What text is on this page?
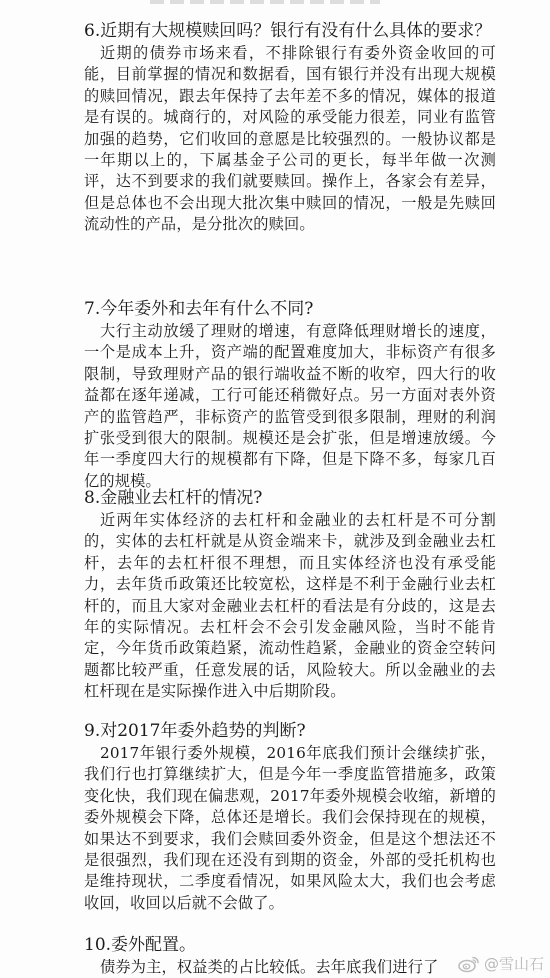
6.近期有大规模赎回吗？银行有没有什么具体的要求？

近期的债券市场来看，不排除银行有委外资金收回的可能，目前掌握的情况和数据看，国有银行并没有出现大规模的赎回情况，跟去年保持了去年差不多的情况，媒体的报道是有误的。城商行的，对风险的承受能力很差，同业有监管加强的趋势，它们收回的意愿是比较强烈的。一般协议都是一年期以上的，下属基金子公司的更长，每半年做一次测评，达不到要求的我们就要赎回。操作上，各家会有差异，但是总体也不会出现大批次集中赎回的情况，一般是先赎回流动性的产品，是分批次的赎回。

7.今年委外和去年有什么不同?

大行主动放缓了理财的增速，有意降低理财增长的速度，一个是成本上升，资产端的配置难度加大，非标资产有很多限制，导致理财产品的银行端收益不断的收窄，四大行的收益都在逐年递减，工行可能还稍微好点。另一方面对表外资产的监管趋严，非标资产的监管受到很多限制，理财的利润扩张受到很大的限制。规模还是会扩张，但是增速放缓。今年一季度四大行的规模都有下降，但是下降不多，每家几百亿的规模。

8.金融业去杠杆的情况?

近两年实体经济的去杠杆和金融业的去杠杆是不可分割的，实体的去杠杆就是从资金端来卡，就涉及到金融业去杠杆，去年的去杠杆很不理想，而且实体经济也没有承受能力，去年货币政策还比较宽松，这样是不利于金融行业去杠杆的，而且大家对金融业去杠杆的看法是有分歧的，这是去年的实际情况。去杠杆会不会引发金融风险，当时不能肯定，今年货币政策趋紧，流动性趋紧，金融业的资金空转问题都比较严重，任意发展的话，风险较大。所以金融业的去杠杆现在是实际操作进入中后期阶段。

9.对2017年委外趋势的判断?

2017年银行委外规模，2016年底我们预计会继续扩张，我们行也打算继续扩大，但是今年一季度监管措施多，政策变化快，我们现在偏悲观，2017年委外规模会收缩，新增的委外规模会下降，总体还是增长。我们会保持现在的规模，如果达不到要求，我们会赎回委外资金，但是这个想法还不是很强烈，我们现在还没有到期的资金，外部的受托机构也是维持现状，二季度看情况，如果风险太大，我们也会考虑收回，收回以后就不会做了。

10.委外配置。

债券为主，权益类的占比较低。去年底我们进行了	@雪山石
